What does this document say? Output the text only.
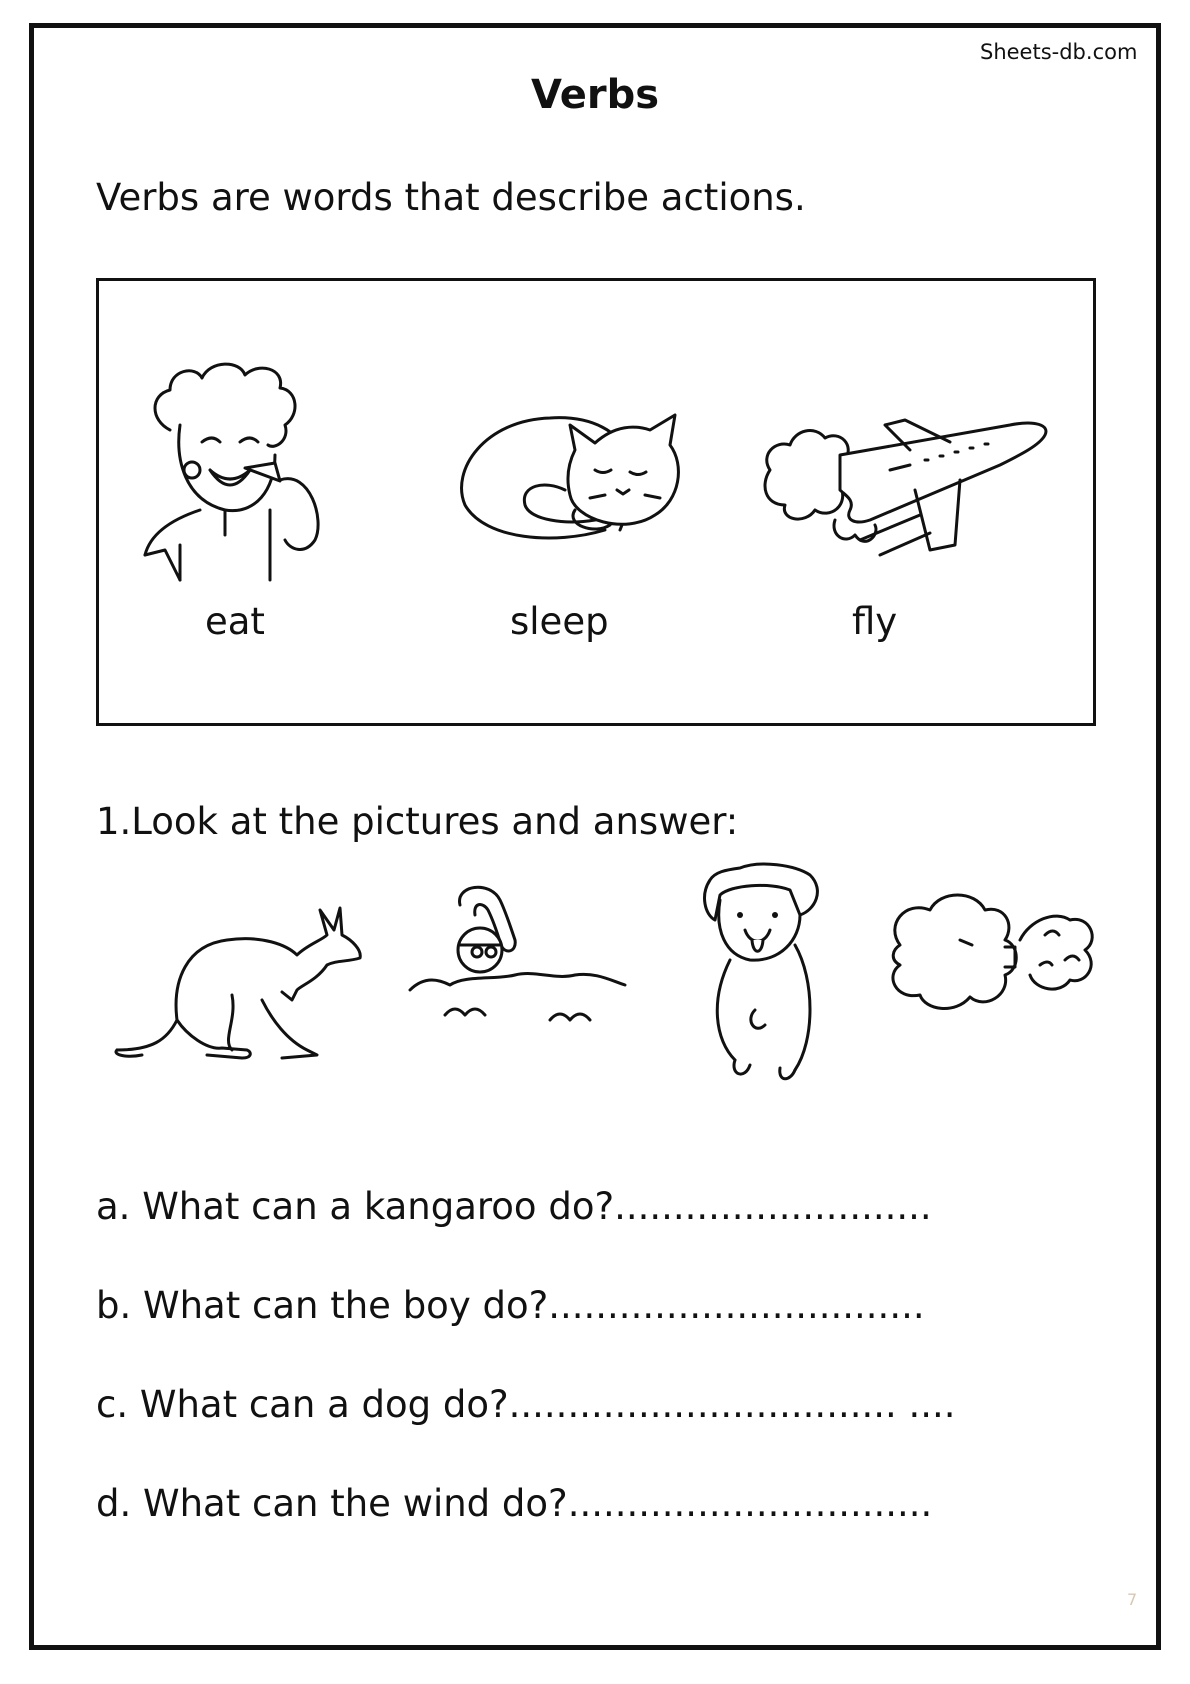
Sheets-db.com
Verbs
Verbs are words that describe actions.
eat	sleep	fly
1.Look at the pictures and answer:
a. What can a kangaroo do?...........................
b. What can the boy do?................................
c. What can a dog do?................................. ....
d. What can the wind do?...............................
7
